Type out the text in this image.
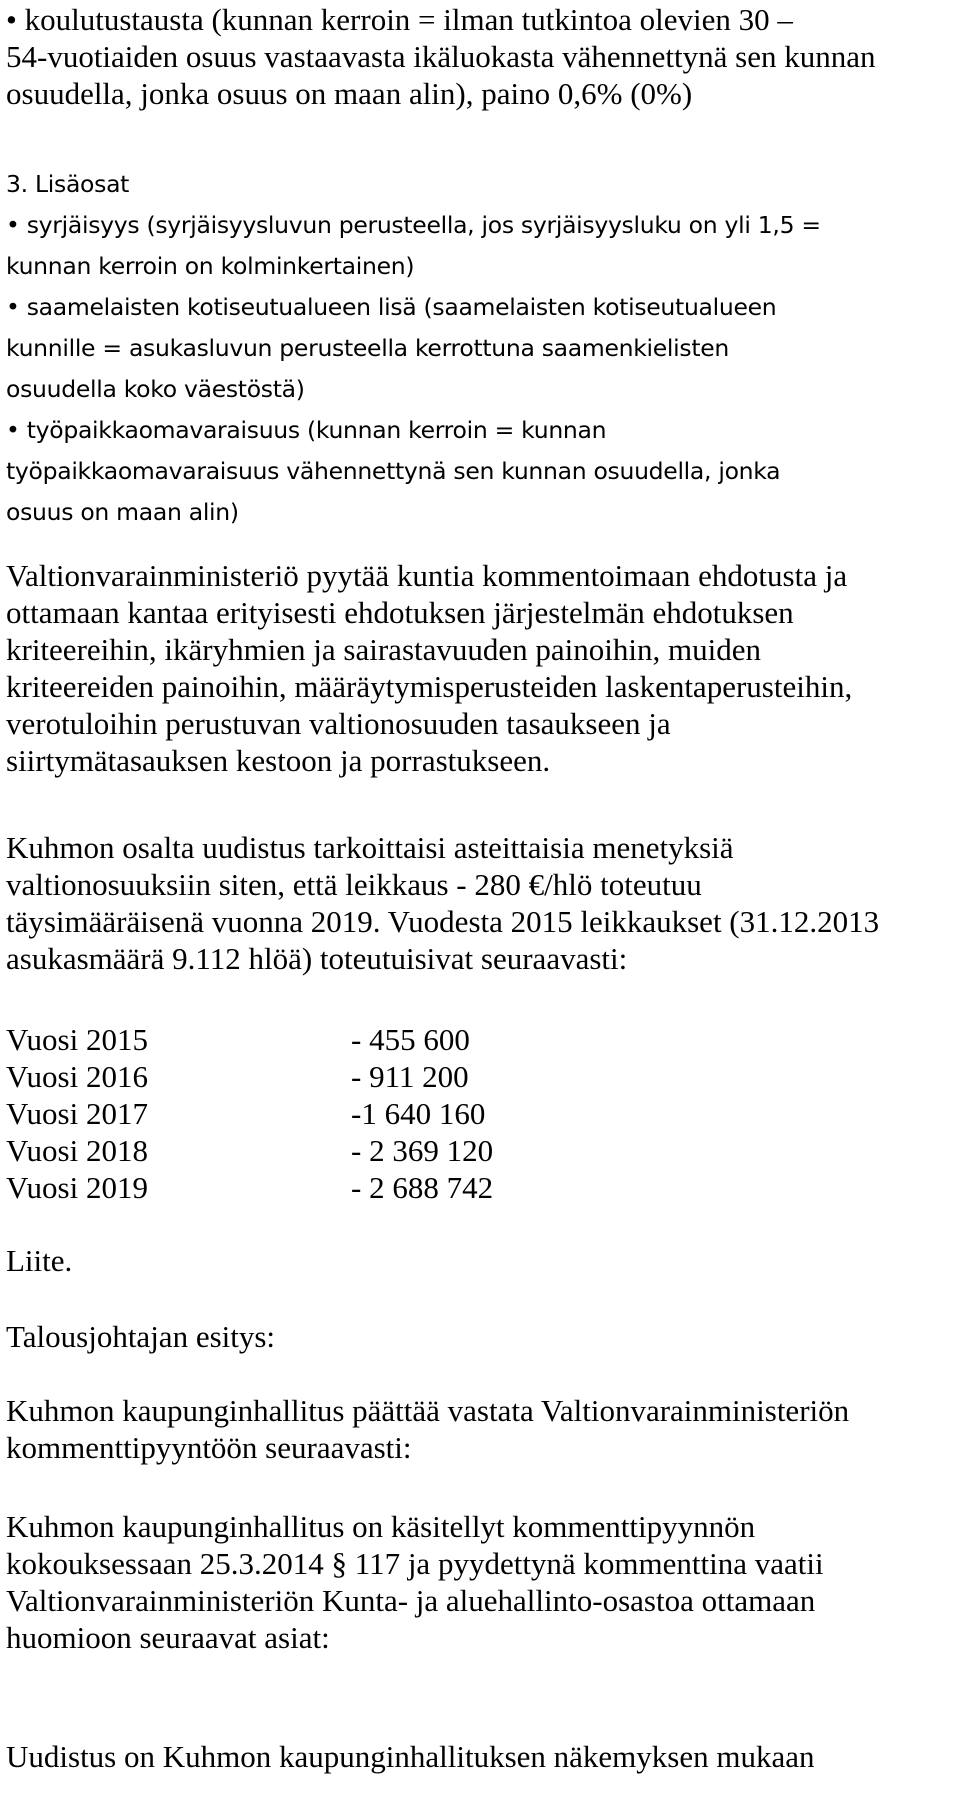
• koulutustausta (kunnan kerroin = ilman tutkintoa olevien 30 –
54-vuotiaiden osuus vastaavasta ikäluokasta vähennettynä sen kunnan
osuudella, jonka osuus on maan alin), paino 0,6% (0%)
3. Lisäosat
• syrjäisyys (syrjäisyysluvun perusteella, jos syrjäisyysluku on yli 1,5 =
kunnan kerroin on kolminkertainen)
• saamelaisten kotiseutualueen lisä (saamelaisten kotiseutualueen
kunnille = asukasluvun perusteella kerrottuna saamenkielisten
osuudella koko väestöstä)
• työpaikkaomavaraisuus (kunnan kerroin = kunnan
työpaikkaomavaraisuus vähennettynä sen kunnan osuudella, jonka
osuus on maan alin)
Valtionvarainministeriö pyytää kuntia kommentoimaan ehdotusta ja
ottamaan kantaa erityisesti ehdotuksen järjestelmän ehdotuksen
kriteereihin, ikäryhmien ja sairastavuuden painoihin, muiden
kriteereiden painoihin, määräytymisperusteiden laskentaperusteihin,
verotuloihin perustuvan valtionosuuden tasaukseen ja
siirtymätasauksen kestoon ja porrastukseen.
Kuhmon osalta uudistus tarkoittaisi asteittaisia menetyksiä
valtionosuuksiin siten, että leikkaus - 280 €/hlö toteutuu
täysimääräisenä vuonna 2019. Vuodesta 2015 leikkaukset (31.12.2013
asukasmäärä 9.112 hlöä) toteutuisivat seuraavasti:
Vuosi 2015	- 455 600
Vuosi 2016	- 911 200
Vuosi 2017	-1 640 160
Vuosi 2018	- 2 369 120
Vuosi 2019	- 2 688 742
Liite.
Talousjohtajan esitys:
Kuhmon kaupunginhallitus päättää vastata Valtionvarainministeriön
kommenttipyyntöön seuraavasti:
Kuhmon kaupunginhallitus on käsitellyt kommenttipyynnön
kokouksessaan 25.3.2014 § 117 ja pyydettynä kommenttina vaatii
Valtionvarainministeriön Kunta- ja aluehallinto-osastoa ottamaan
huomioon seuraavat asiat:
Uudistus on Kuhmon kaupunginhallituksen näkemyksen mukaan
